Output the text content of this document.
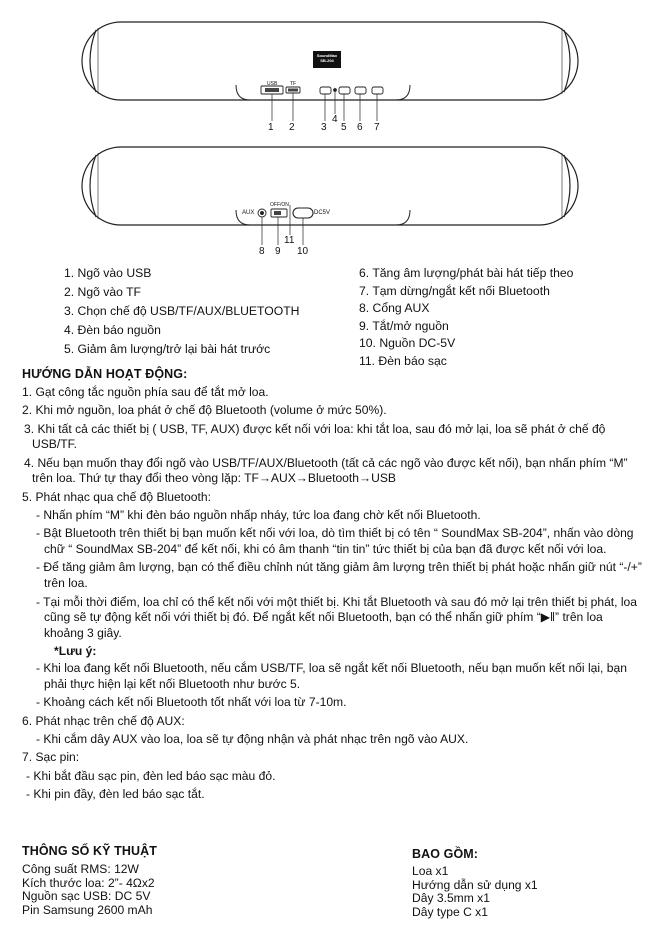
SoundMax
SB-204
USB	TF
AUX
OFF/ON
DC5V
1 2	3
4
5 6 7
8 9
11
10
1. Ngõ vào USB
2. Ngõ vào TF
3. Chọn chế độ USB/TF/AUX/BLUETOOTH
4. Đèn báo nguồn
5. Giảm âm lượng/trở lại bài hát trước
6. Tăng âm lượng/phát bài hát tiếp theo
7. Tạm dừng/ngắt kết nối Bluetooth
8. Cổng AUX
9. Tắt/mở nguồn
10. Nguồn DC-5V
11. Đèn báo sạc
HƯỚNG DẪN HOẠT ĐỘNG:

1. Gạt công tắc nguồn phía sau để tắt mở loa.

2. Khi mở nguồn, loa phát ở chế độ Bluetooth (volume ở mức 50%).

3. Khi tất cả các thiết bị ( USB, TF, AUX) được kết nối với loa: khi tắt loa, sau đó mở lại, loa sẽ phát ở chế độ USB/TF.

4. Nếu bạn muốn thay đổi ngõ vào USB/TF/AUX/Bluetooth (tất cả các ngõ vào được kết nối), bạn nhấn phím “M” trên loa. Thứ tự thay đổi theo vòng lặp: TF→AUX→Bluetooth→USB

5. Phát nhạc qua chế độ Bluetooth:

- Nhấn phím “M” khi đèn báo nguồn nhấp nháy, tức loa đang chờ kết nối Bluetooth.

- Bật Bluetooth trên thiết bị bạn muốn kết nối với loa, dò tìm thiết bị có tên “ SoundMax SB-204”, nhấn vào dòng chữ “ SoundMax SB-204” để kết nối, khi có âm thanh “tin tin” tức thiết bị của bạn đã được kết nối với loa.

- Để tăng giảm âm lượng, bạn có thể điều chỉnh nút tăng giảm âm lượng trên thiết bị phát hoặc nhấn giữ nút “-/+” trên loa.

- Tại mỗi thời điểm, loa chỉ có thể kết nối với một thiết bị. Khi tắt Bluetooth và sau đó mở lại trên thiết bị phát, loa cũng sẽ tự động kết nối với thiết bị đó. Để ngắt kết nối Bluetooth, bạn có thể nhấn giữ phím “▶︎‖” trên loa khoảng 3 giây.

*Lưu ý:

- Khi loa đang kết nối Bluetooth, nếu cắm USB/TF, loa sẽ ngắt kết nối Bluetooth, nếu bạn muốn kết nối lại, bạn phải thực hiện lại kết nối Bluetooth như bước 5.

- Khoảng cách kết nối Bluetooth tốt nhất với loa từ 7-10m.

6. Phát nhạc trên chế độ AUX:

- Khi cắm dây AUX vào loa, loa sẽ tự động nhận và phát nhạc trên ngõ vào AUX.

7. Sạc pin:

- Khi bắt đầu sạc pin, đèn led báo sạc màu đỏ.

- Khi pin đầy, đèn led báo sạc tắt.

THÔNG SỐ KỸ THUẬT
Công suất RMS: 12W
Kích thước loa: 2”- 4Ωx2
Nguồn sạc USB: DC 5V
Pin Samsung 2600 mAh
BAO GỒM:
Loa x1
Hướng dẫn sử dụng x1
Dây 3.5mm x1
Dây type C x1
